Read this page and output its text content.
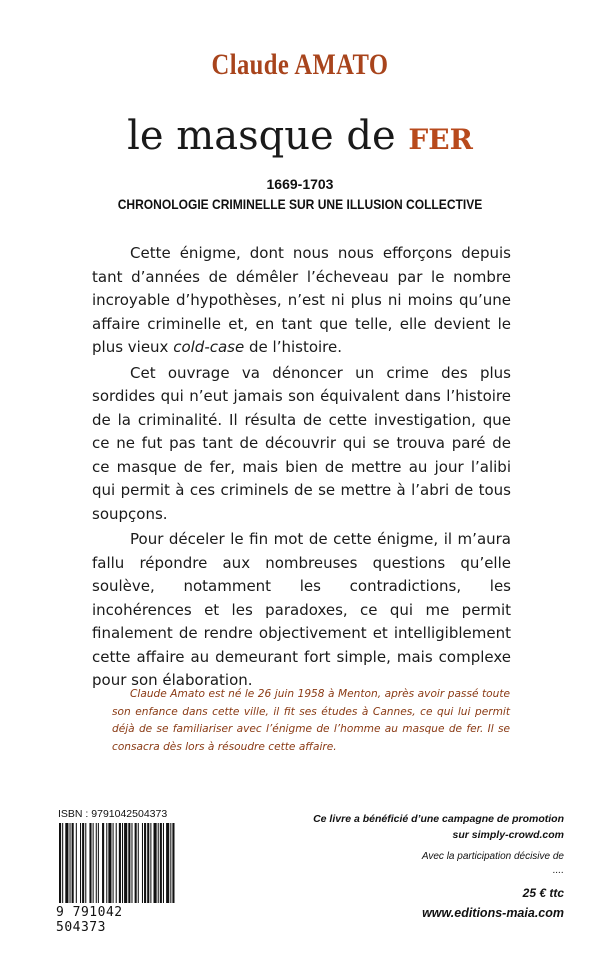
Claude AMATO
le masque de fer
1669-1703
CHRONOLOGIE CRIMINELLE SUR UNE ILLUSION COLLECTIVE

Cette énigme, dont nous nous efforçons depuis tant d’années de démêler l’écheveau par le nombre incroyable d’hypothèses, n’est ni plus ni moins qu’une affaire criminelle et, en tant que telle, elle devient le plus vieux cold-case de l’histoire.

Cet ouvrage va dénoncer un crime des plus sordides qui n’eut jamais son équivalent dans l’histoire de la criminalité. Il résulta de cette investigation, que ce ne fut pas tant de découvrir qui se trouva paré de ce masque de fer, mais bien de mettre au jour l’alibi qui permit à ces criminels de se mettre à l’abri de tous soupçons.

Pour déceler le fin mot de cette énigme, il m’aura fallu répondre aux nombreuses questions qu’elle soulève, notamment les contradictions, les incohérences et les paradoxes, ce qui me permit finalement de rendre objectivement et intelligiblement cette affaire au demeurant fort simple, mais complexe pour son élaboration.

Claude Amato est né le 26 juin 1958 à Menton, après avoir passé toute son enfance dans cette ville, il fit ses études à Cannes, ce qui lui permit déjà de se familiariser avec l’énigme de l’homme au masque de fer. Il se consacra dès lors à résoudre cette affaire.
ISBN : 9791042504373
9 791042 504373
Ce livre a bénéficié d’une campagne de promotion
sur simply-crowd.com
Avec la participation décisive de
....
25 € ttc
www.editions-maia.com
